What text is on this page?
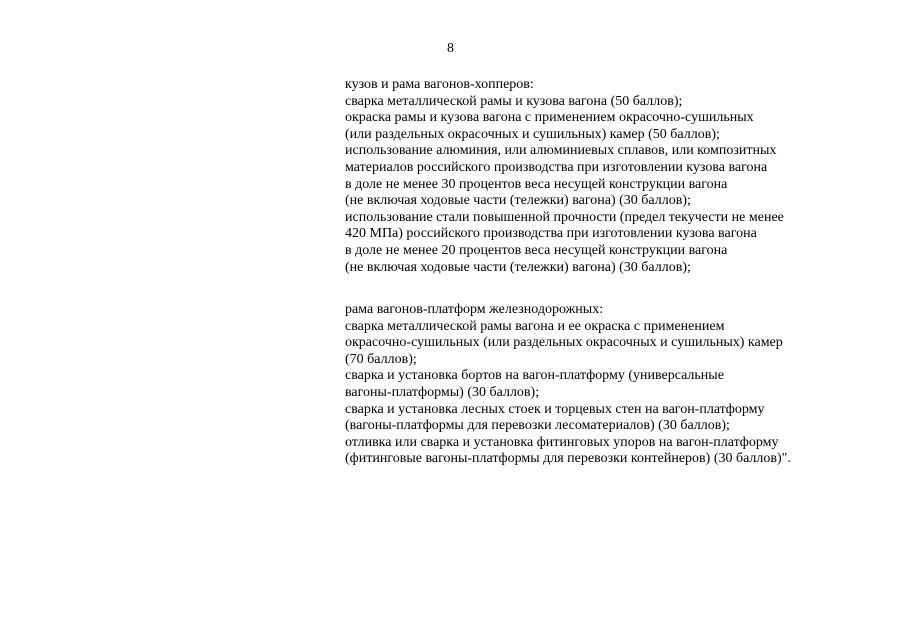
8
кузов и рама вагонов-хопперов:
сварка металлической рамы и кузова вагона (50 баллов);
окраска рамы и кузова вагона с применением окрасочно-сушильных
(или раздельных окрасочных и сушильных) камер (50 баллов);
использование алюминия, или алюминиевых сплавов, или композитных
материалов российского производства при изготовлении кузова вагона
в доле не менее 30 процентов веса несущей конструкции вагона
(не включая ходовые части (тележки) вагона) (30 баллов);
использование стали повышенной прочности (предел текучести не менее
420 МПа) российского производства при изготовлении кузова вагона
в доле не менее 20 процентов веса несущей конструкции вагона
(не включая ходовые части (тележки) вагона) (30 баллов);
рама вагонов-платформ железнодорожных:
сварка металлической рамы вагона и ее окраска с применением
окрасочно-сушильных (или раздельных окрасочных и сушильных) камер
(70 баллов);
сварка и установка бортов на вагон-платформу (универсальные
вагоны-платформы) (30 баллов);
сварка и установка лесных стоек и торцевых стен на вагон-платформу
(вагоны-платформы для перевозки лесоматериалов) (30 баллов);
отливка или сварка и установка фитинговых упоров на вагон-платформу
(фитинговые вагоны-платформы для перевозки контейнеров) (30 баллов)".
